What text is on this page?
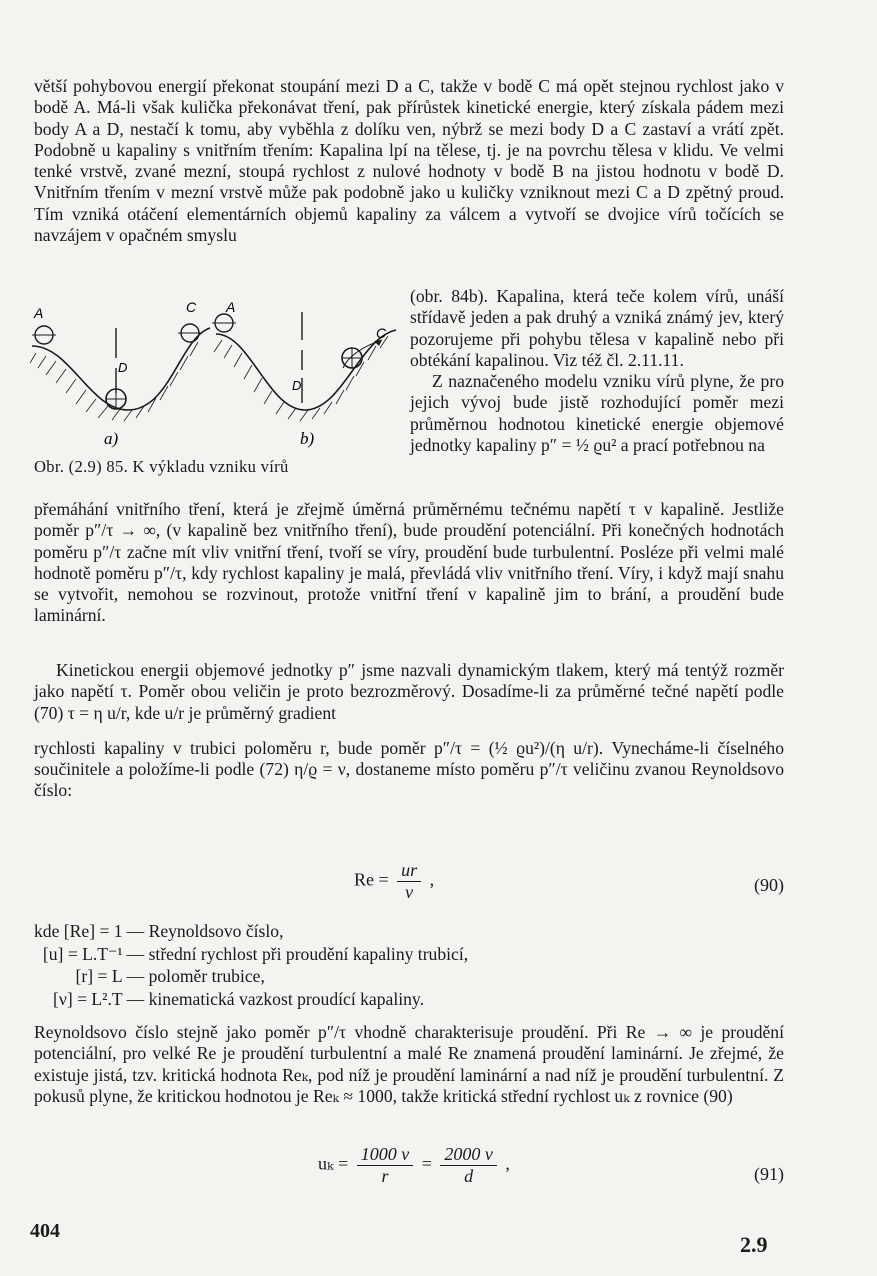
větší pohybovou energií překonat stoupání mezi D a C, takže v bodě C má opět stejnou rychlost jako v bodě A. Má-li však kulička překonávat tření, pak přírůstek kinetické energie, který získala pádem mezi body A a D, nestačí k tomu, aby vyběhla z dolíku ven, nýbrž se mezi body D a C zastaví a vrátí zpět. Podobně u kapaliny s vnitřním třením: Kapalina lpí na tělese, tj. je na povrchu tělesa v klidu. Ve velmi tenké vrstvě, zvané mezní, stoupá rychlost z nulové hodnoty v bodě B na jistou hodnotu v bodě D. Vnitřním třením v mezní vrstvě může pak podobně jako u kuličky vzniknout mezi C a D zpětný proud. Tím vzniká otáčení elementárních objemů kapaliny za válcem a vytvoří se dvojice vírů točících se navzájem v opačném smyslu

A	C A
C
D
D
a)	b)
Obr. (2.9) 85. K výkladu vzniku vírů

(obr. 84b). Kapalina, která teče kolem vírů, unáší střídavě jeden a pak druhý a vzniká známý jev, který pozorujeme při pohybu tělesa v kapalině nebo při obtékání kapalinou. Viz též čl. 2.11.11.

Z naznačeného modelu vzniku vírů plyne, že pro jejich vývoj bude jistě rozhodující poměr mezi průměrnou hodnotou kinetické energie objemové jednotky kapaliny p″ = ½ ϱu² a prací potřebnou na

přemáhání vnitřního tření, která je zřejmě úměrná průměrnému tečnému napětí τ v kapalině. Jestliže poměr p″/τ → ∞, (v kapalině bez vnitřního tření), bude proudění potenciální. Při konečných hodnotách poměru p″/τ začne mít vliv vnitřní tření, tvoří se víry, proudění bude turbulentní. Posléze při velmi malé hodnotě poměru p″/τ, kdy rychlost kapaliny je malá, převládá vliv vnitřního tření. Víry, i když mají snahu se vytvořit, nemohou se rozvinout, protože vnitřní tření v kapalině jim to brání, a proudění bude laminární.

Kinetickou energii objemové jednotky p″ jsme nazvali dynamickým tlakem, který má tentýž rozměr jako napětí τ. Poměr obou veličin je proto bezrozměrový. Dosadíme-li za průměrné tečné napětí podle (70) τ = η u/r, kde u/r je průměrný gradient

rychlosti kapaliny v trubici poloměru r, bude poměr p″/τ = (½ ϱu²)/(η u/r). Vynecháme-li číselného součinitele a položíme-li podle (72) η/ϱ = ν, dostaneme místo poměru p″/τ veličinu zvanou Reynoldsovo číslo:

$Re = \frac{ur}{\nu}$ ,	(90)
kde [Re] = 1	— Reynoldsovo číslo,
[u] = L.T⁻¹	— střední rychlost při proudění kapaliny trubicí,
[r] = L	— poloměr trubice,
[ν] = L².T	— kinematická vazkost proudící kapaliny.

Reynoldsovo číslo stejně jako poměr p″/τ vhodně charakterisuje proudění. Při Re → ∞ je proudění potenciální, pro velké Re je proudění turbulentní a malé Re znamená proudění laminární. Je zřejmé, že existuje jistá, tzv. kritická hodnota Reₖ, pod níž je proudění laminární a nad níž je proudění turbulentní. Z pokusů plyne, že kritickou hodnotou je Reₖ ≈ 1000, takže kritická střední rychlost uₖ z rovnice (90)

$u_k = \frac{1000 \nu}{r} = \frac{2000 \nu}{d}$ ,
(91)
404
2.9
